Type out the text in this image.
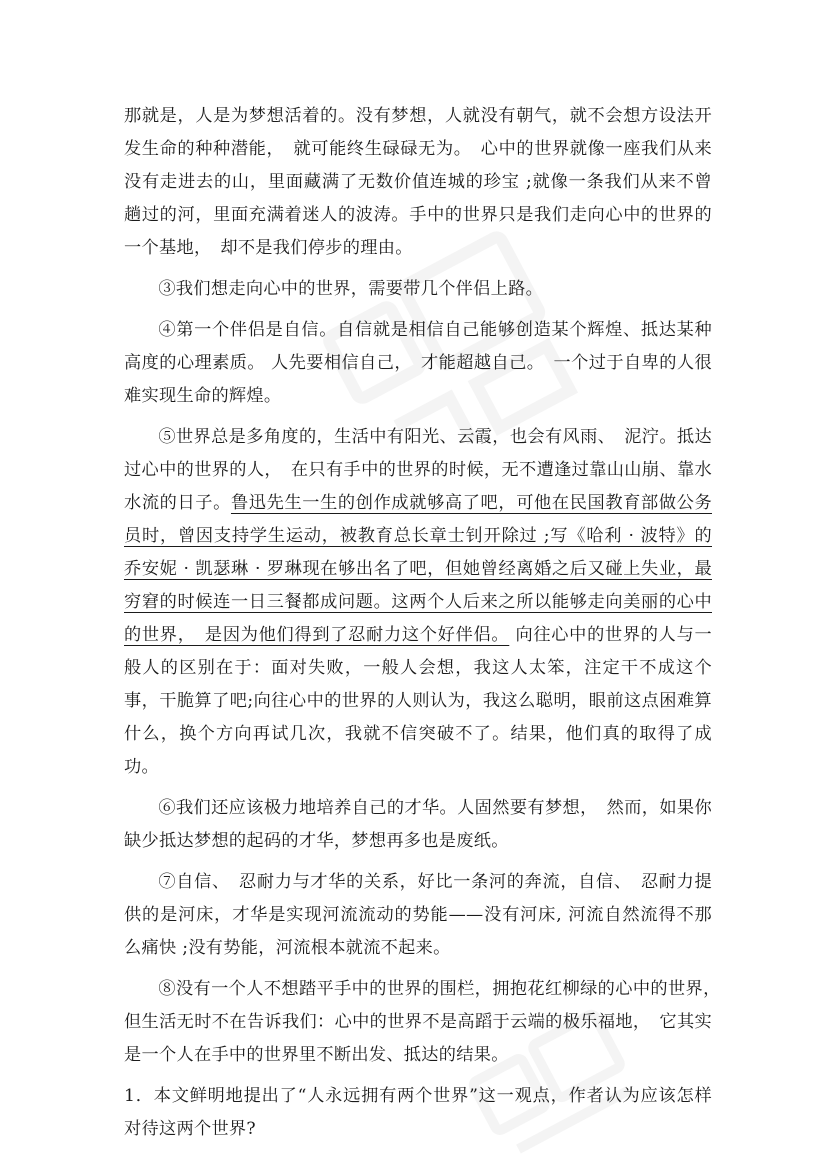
那就是，人是为梦想活着的。没有梦想，人就没有朝气，就不会想方设法开发生命的种种潜能，　就可能终生碌碌无为。　心中的世界就像一座我们从来没有走进去的山，里面藏满了无数价值连城的珍宝 ;就像一条我们从来不曾趟过的河，里面充满着迷人的波涛。手中的世界只是我们走向心中的世界的一个基地，　却不是我们停步的理由。

③我们想走向心中的世界，需要带几个伴侣上路。

④第一个伴侣是自信。自信就是相信自己能够创造某个辉煌、抵达某种高度的心理素质。 人先要相信自己，　才能超越自己。　一个过于自卑的人很难实现生命的辉煌。

⑤世界总是多角度的，生活中有阳光、云霞，也会有风雨、　泥泞。抵达过心中的世界的人，　在只有手中的世界的时候，无不遭逢过靠山山崩、靠水水流的日子。鲁迅先生一生的创作成就够高了吧，可他在民国教育部做公务员时，曾因支持学生运动，被教育总长章士钊开除过 ;写《哈利 · 波特》的乔安妮 · 凯瑟琳 · 罗琳现在够出名了吧，但她曾经离婚之后又碰上失业，最穷窘的时候连一日三餐都成问题。这两个人后来之所以能够走向美丽的心中的世界，　是因为他们得到了忍耐力这个好伴侣。 向往心中的世界的人与一般人的区别在于：面对失败，一般人会想，我这人太笨，注定干不成这个事，干脆算了吧;向往心中的世界的人则认为，我这么聪明，眼前这点困难算什么，换个方向再试几次，我就不信突破不了。结果，他们真的取得了成功。

⑥我们还应该极力地培养自己的才华。人固然要有梦想，　然而，如果你缺少抵达梦想的起码的才华，梦想再多也是废纸。

⑦自信、　忍耐力与才华的关系，好比一条河的奔流，自信、　忍耐力提供的是河床，才华是实现河流流动的势能——没有河床, 河流自然流得不那么痛快 ;没有势能，河流根本就流不起来。

⑧没有一个人不想踏平手中的世界的围栏，拥抱花红柳绿的心中的世界，　但生活无时不在告诉我们：心中的世界不是高蹈于云端的极乐福地，　它其实是一个人在手中的世界里不断出发、抵达的结果。

1．本文鲜明地提出了“人永远拥有两个世界”这一观点，作者认为应该怎样对待这两个世界?
